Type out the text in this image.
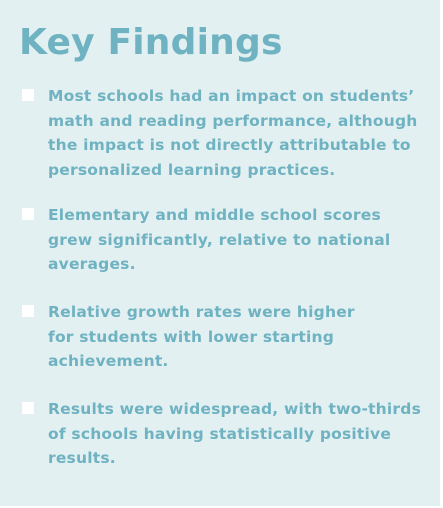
Key Findings

Most schools had an impact on students’
math and reading performance, although
the impact is not directly attributable to
personalized learning practices.

Elementary and middle school scores
grew significantly, relative to national
averages.

Relative growth rates were higher
for students with lower starting
achievement.

Results were widespread, with two-thirds
of schools having statistically positive
results.
